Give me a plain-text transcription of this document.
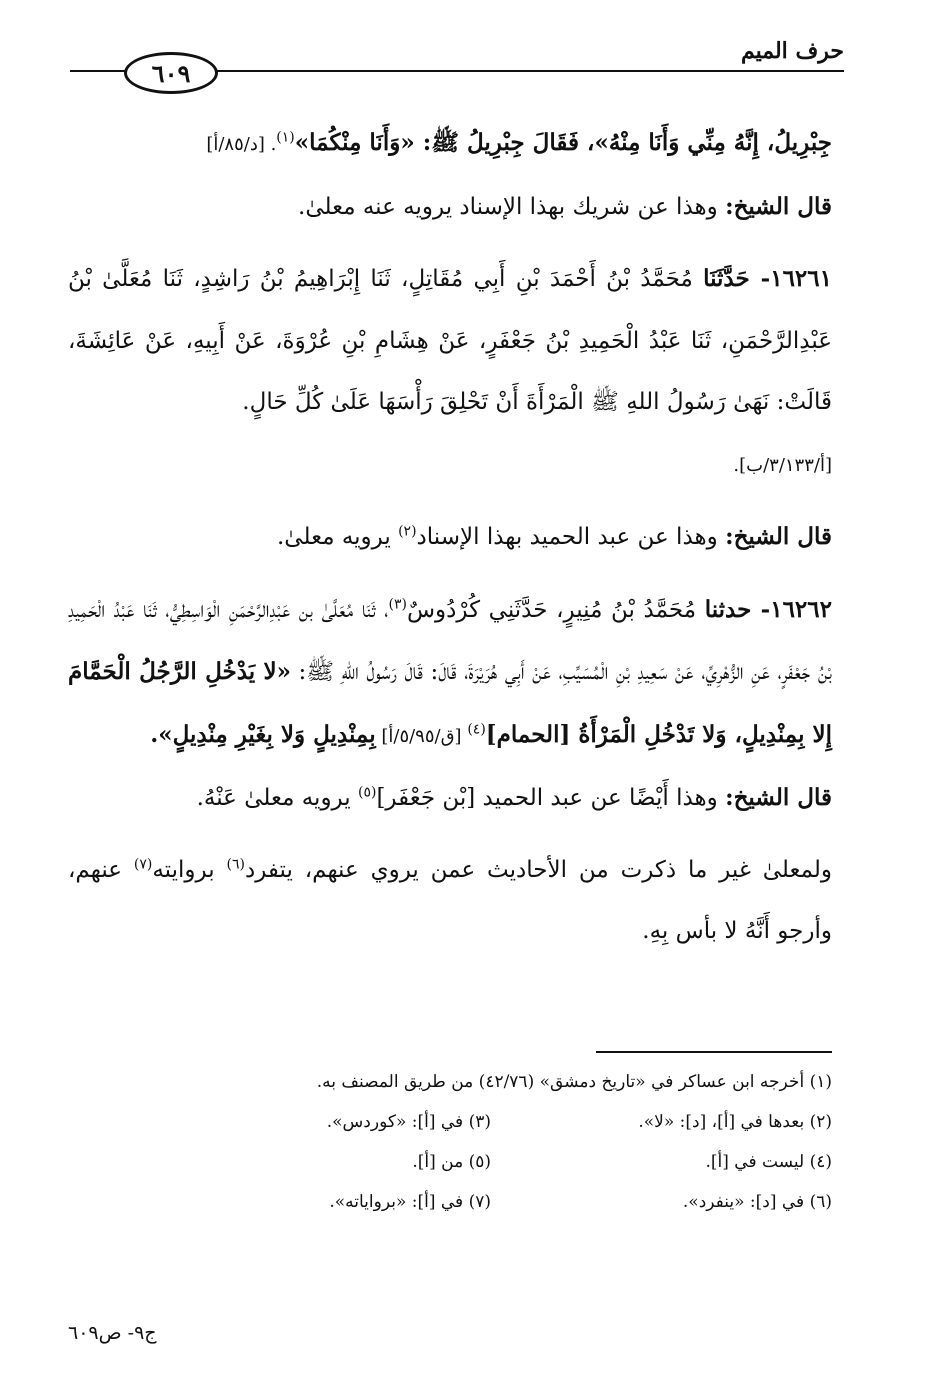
حرف الميم
٦٠٩

جِبْرِيلُ، إِنَّهُ مِنِّي وَأَنَا مِنْهُ»، فَقَالَ جِبْرِيلُ ﷺ: «وَأَنَا مِنْكُمَا»$^{(١)}$. [د/٨٥/أ]

قال الشيخ: وهذا عن شريك بهذا الإسناد يرويه عنه معلىٰ.

١٦٢٦١- حَدَّثَنَا مُحَمَّدُ بْنُ أَحْمَدَ بْنِ أَبِي مُقَاتِلٍ، ثَنَا إِبْرَاهِيمُ بْنُ رَاشِدٍ، ثَنَا مُعَلَّىٰ بْنُ عَبْدِالرَّحْمَنِ، ثَنَا عَبْدُ الْحَمِيدِ بْنُ جَعْفَرٍ، عَنْ هِشَامِ بْنِ عُرْوَةَ، عَنْ أَبِيهِ، عَنْ عَائِشَةَ، قَالَتْ: نَهَىٰ رَسُولُ اللهِ ﷺ الْمَرْأَةَ أَنْ تَحْلِقَ رَأْسَهَا عَلَىٰ كُلِّ حَالٍ.
[أ/٣/١٣٣/ب].

قال الشيخ: وهذا عن عبد الحميد بهذا الإسناد$^{(٢)}$ يرويه معلىٰ.

١٦٢٦٢- حدثنا مُحَمَّدُ بْنُ مُنِيرٍ، حَدَّثَنِي كُرْدُوسٌ$^{(٣)}$، ثَنَا مُعَلَّىٰ بن عَبْدِالرَّحْمَنِ الْوَاسِطِيُّ، ثَنَا عَبْدُ الْحَمِيدِ بْنُ جَعْفَرٍ، عَنِ الزُّهْرِيِّ، عَنْ سَعِيدِ بْنِ الْمُسَيِّبِ، عَنْ أَبِي هُرَيْرَةَ، قَالَ: قَالَ رَسُولُ اللهِ ﷺ: «لا يَدْخُلِ الرَّجُلُ الْحَمَّامَ إِلا بِمِنْدِيلٍ، وَلا تَدْخُلِ الْمَرْأَةُ [الحمام]$^{(٤)}$ [ق/٥/٩٥/أ] بِمِنْدِيلٍ وَلا بِغَيْرِ مِنْدِيلٍ».

قال الشيخ: وهذا أَيْضًا عن عبد الحميد [بْن جَعْفَر]$^{(٥)}$ يرويه معلىٰ عَنْهُ.

ولمعلىٰ غير ما ذكرت من الأحاديث عمن يروي عنهم، يتفرد$^{(٦)}$ بروايته$^{(٧)}$ عنهم، وأرجو أَنَّهُ لا بأس بِهِ.

(١) أخرجه ابن عساكر في «تاريخ دمشق» (٤٢/٧٦) من طريق المصنف به.
(٢) بعدها في [أ]، [د]: «لا».
(٣) في [أ]: «كوردس».
(٤) ليست في [أ].
(٥) من [أ].
(٦) في [د]: «ينفرد».
(٧) في [أ]: «برواياته».
ج٩- ص٦٠٩
